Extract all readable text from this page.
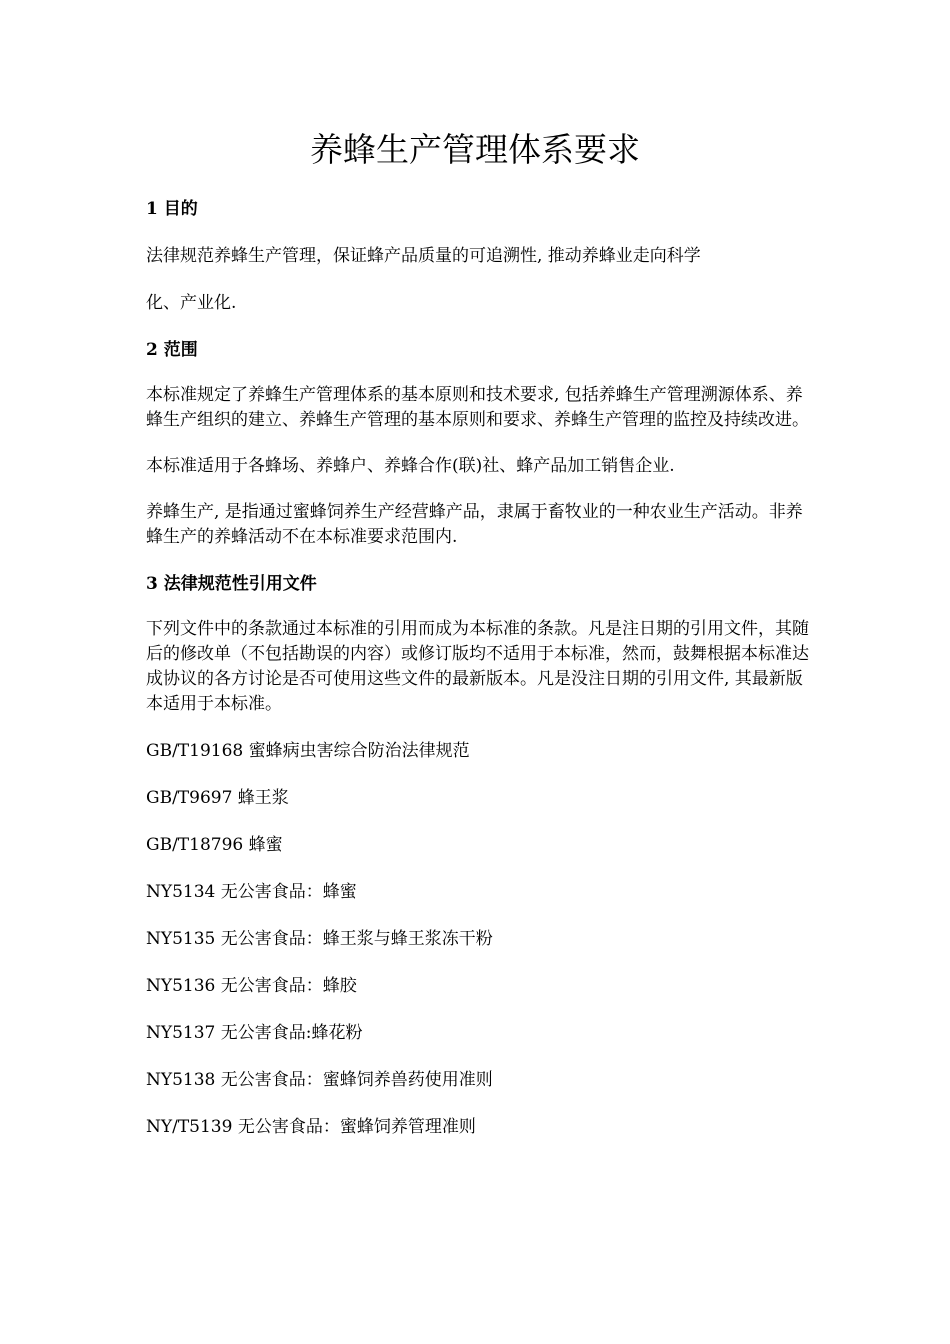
养蜂生产管理体系要求
1 目的
法律规范养蜂生产管理，保证蜂产品质量的可追溯性, 推动养蜂业走向科学
化、产业化.
2 范围
本标准规定了养蜂生产管理体系的基本原则和技术要求, 包括养蜂生产管理溯源体系、养蜂生产组织的建立、养蜂生产管理的基本原则和要求、养蜂生产管理的监控及持续改进。
本标准适用于各蜂场、养蜂户、养蜂合作(联)社、蜂产品加工销售企业.
养蜂生产, 是指通过蜜蜂饲养生产经营蜂产品，隶属于畜牧业的一种农业生产活动。非养蜂生产的养蜂活动不在本标准要求范围内.
3 法律规范性引用文件
下列文件中的条款通过本标准的引用而成为本标准的条款。凡是注日期的引用文件，其随后的修改单（不包括勘误的内容）或修订版均不适用于本标准，然而，鼓舞根据本标准达成协议的各方讨论是否可使用这些文件的最新版本。凡是没注日期的引用文件, 其最新版本适用于本标准。
GB/T19168 蜜蜂病虫害综合防治法律规范
GB/T9697 蜂王浆
GB/T18796 蜂蜜
NY5134 无公害食品：蜂蜜
NY5135 无公害食品：蜂王浆与蜂王浆冻干粉
NY5136 无公害食品：蜂胶
NY5137 无公害食品:蜂花粉
NY5138 无公害食品：蜜蜂饲养兽药使用准则
NY/T5139 无公害食品：蜜蜂饲养管理准则
